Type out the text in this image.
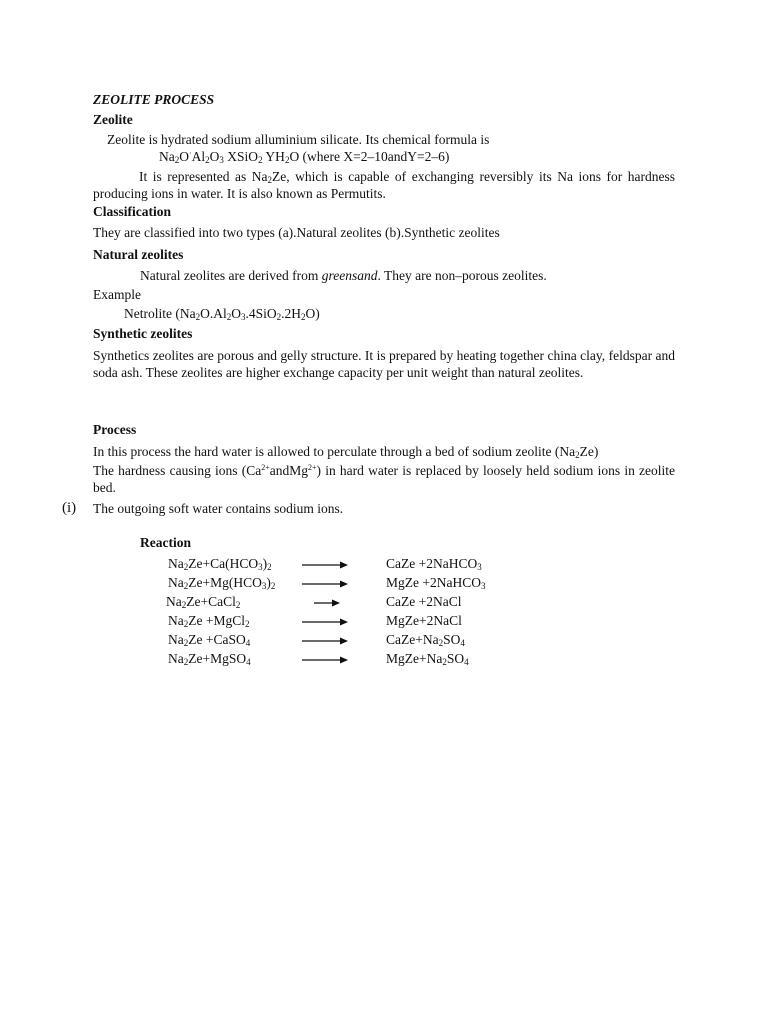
ZEOLITE PROCESS
Zeolite
Zeolite is hydrated sodium alluminium silicate. Its chemical formula is
$Na_2O^\cdot Al_2O_3$ XSiO$_2$ $YH_2O$ (where X=2–10andY=2–6)
It is represented as $Na_2Ze$, which is capable of exchanging reversibly its Na ions for hardness producing ions in water. It is also known as Permutits.
Classification
They are classified into two types (a).Natural zeolites (b).Synthetic zeolites
Natural zeolites
Natural zeolites are derived from greensand. They are non–porous zeolites.
Example
Netrolite $(Na_2O.Al_2O_3.4SiO_2.2H_2O)$
Synthetic zeolites
Synthetics zeolites are porous and gelly structure. It is prepared by heating together china clay, feldspar and soda ash. These zeolites are higher exchange capacity per unit weight than natural zeolites.
Process
In this process the hard water is allowed to perculate through a bed of sodium zeolite $(Na_2Ze)$
The hardness causing ions $(Ca^{2+}andMg^{2+})$ in hard water is replaced by loosely held sodium ions in zeolite bed.
(i) The outgoing soft water contains sodium ions.
Reaction
$Na_2Ze+Ca(HCO_3)_2$	CaZe +2NaHCO$_3$
$Na_2Ze+Mg(HCO_3)_2$	MgZe +2NaHCO$_3$
$Na_2Ze+CaCl_2$	CaZe +2NaCl
$Na_2Ze$ +MgCl$_2$	MgZe+2NaCl
$Na_2Ze$ +CaSO$_4$	$CaZe+Na_2SO_4$
$Na_2Ze+MgSO_4$	$MgZe+Na_2SO_4$
